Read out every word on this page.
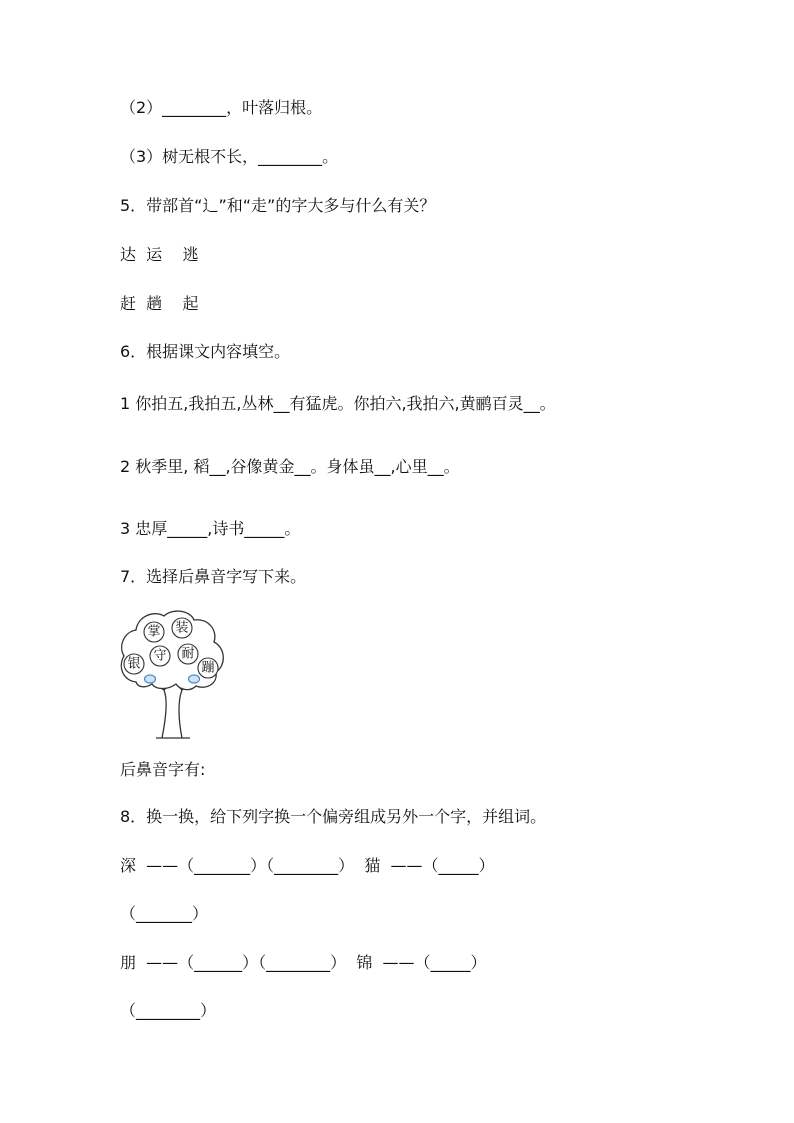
（2）________，叶落归根。
（3）树无根不长，________。
5．带部首“辶”和“走”的字大多与什么有关？
达  运    逃
赶  趟    起
6．根据课文内容填空。
1 你拍五,我拍五,丛林__有猛虎。你拍六,我拍六,黄鹂百灵__。
2 秋季里, 稻__,谷像黄金__。身体虽__,心里__。
3 忠厚_____,诗书_____。
7．选择后鼻音字写下来。
掌 装
银
守 耐
蹦
后鼻音字有:
8．换一换，给下列字换一个偏旁组成另外一个字，并组词。
深  ——（_______）（________）  猫  ——（_____）
（_______）
朋  ——（______）（________）  锦  ——（_____）
（________）
